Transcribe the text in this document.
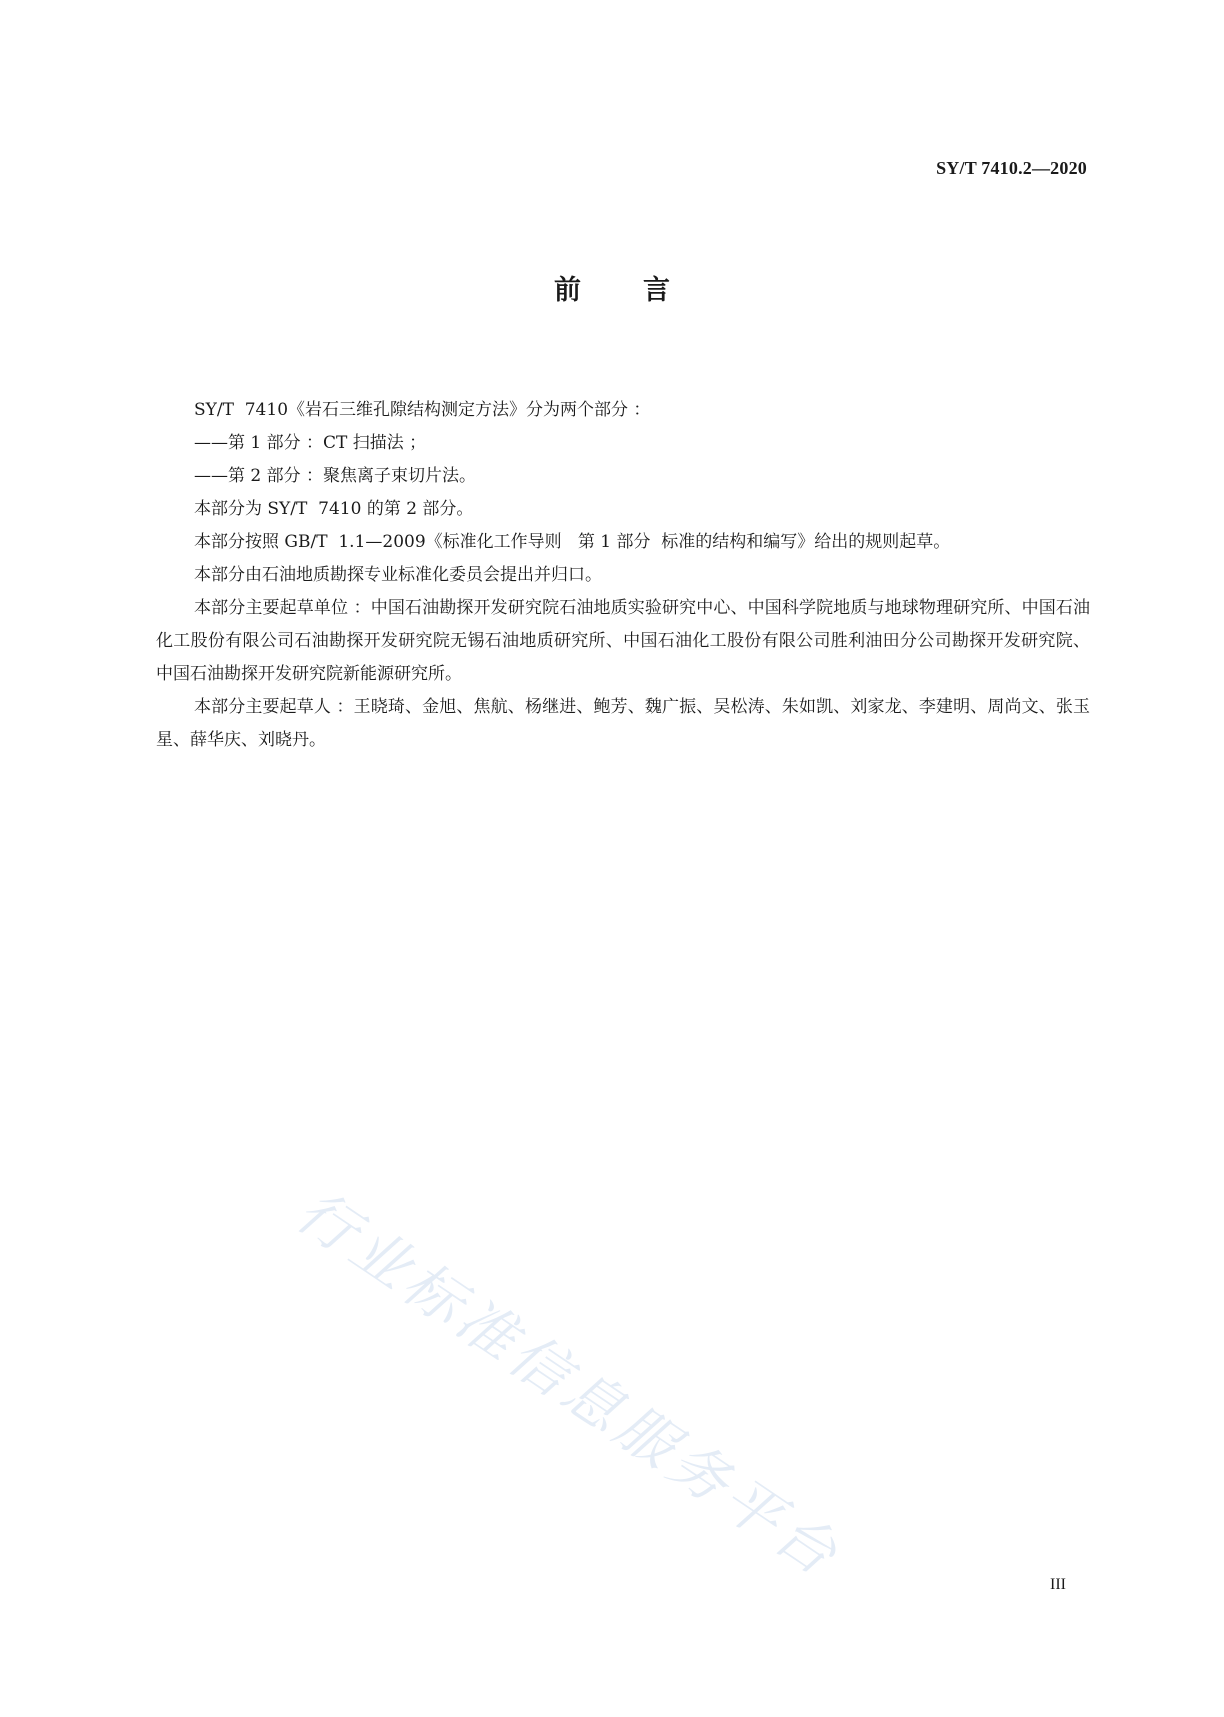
SY/T 7410.2—2020
前 言

SY/T  7410《岩石三维孔隙结构测定方法》分为两个部分 ：

——第 1 部分 ：CT 扫描法 ；

——第 2 部分 ：聚焦离子束切片法。

本部分为 SY/T  7410 的第 2 部分。

本部分按照 GB/T  1.1—2009《标准化工作导则   第 1 部分  标准的结构和编写》给出的规则起草。

本部分由石油地质勘探专业标准化委员会提出并归口。

本部分主要起草单位 ：中国石油勘探开发研究院石油地质实验研究中心、中国科学院地质与地球物理研究所、中国石油化工股份有限公司石油勘探开发研究院无锡石油地质研究所、中国石油化工股份有限公司胜利油田分公司勘探开发研究院、中国石油勘探开发研究院新能源研究所。

本部分主要起草人 ：王晓琦、金旭、焦航、杨继进、鲍芳、魏广振、吴松涛、朱如凯、刘家龙、李建明、周尚文、张玉星、薛华庆、刘晓丹。

行业标准信息服务平台	III
